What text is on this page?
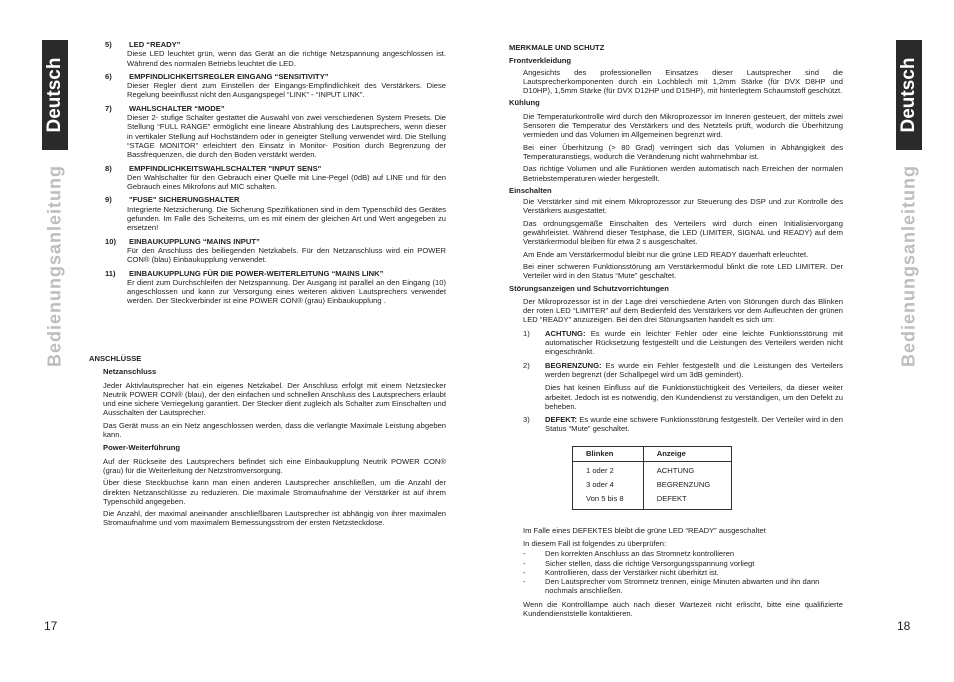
Deutsch
Bedienungsanleitung
5)	LED “READY”
Diese LED leuchtet grün, wenn das Gerät an die richtige Netzspannung angeschlossen ist. Während des normalen Betriebs leuchtet die LED.
6)	EMPFINDLICHKEITSREGLER EINGANG “SENSITIVITY”
Dieser Regler dient zum Einstellen der Eingangs-Empfindlichkeit des Verstärkers. Diese Regelung beeinflusst nicht den Ausgangspegel “LINK” - “INPUT LINK”.
7)	WAHLSCHALTER “MODE”
Dieser 2- stufige Schalter gestattet die Auswahl von zwei verschiedenen System Presets. Die Stellung “FULL RANGE” ermöglicht eine lineare Abstrahlung des Lautsprechers, wenn dieser in vertikaler Stellung auf Hochständern oder in geneigter Stellung verwendet wird. Die Stellung “STAGE MONITOR” erleichtert den Einsatz in Monitor- Position durch Begrenzung der Bassfrequenzen, die durch den Boden verstärkt werden.
8)	EMPFINDLICHKEITSWAHLSCHALTER "INPUT SENS"
Den Wahlschalter für den Gebrauch einer Quelle mit Line-Pegel (0dB) auf LINE und für den Gebrauch eines Mikrofons auf MIC schalten.
9)	"FUSE" SICHERUNGSHALTER
Integrierte Netzsicherung. Die Sicherung Spezifikationen sind in dem Typenschild des Gerätes gefunden. Im Falle des Scheiterns, um es mit einem der gleichen Art und Wert angegeben zu ersetzen!
10)	EINBAUKUPPLUNG “MAINS INPUT”
Für den Anschluss des beiliegenden Netzkabels. Für den Netzanschluss wird ein POWER CON® (blau) Einbaukupplung verwendet.
11)	EINBAUKUPPLUNG FÜR DIE POWER-WEITERLEITUNG “MAINS LINK”
Er dient zum Durchschleifen der Netzspannung. Der Ausgang ist parallel an den Eingang (10) angeschlossen und kann zur Versorgung eines weiteren aktiven Lautsprechers verwendet werden. Der Steckverbinder ist eine POWER CON® (grau) Einbaukupplung .
ANSCHLÜSSE
Netzanschluss
Jeder Aktivlautsprecher hat ein eigenes Netzkabel. Der Anschluss erfolgt mit einem Netzstecker Neutrik POWER CON® (blau), der den einfachen und schnellen Anschluss des Lautsprechers erlaubt und eine sichere Verriegelung garantiert. Der Stecker dient zugleich als Schalter zum Einschalten und Ausschalten der Lautsprecher.
Das Gerät muss an ein Netz angeschlossen werden, dass die verlangte Maximale Leistung abgeben kann.
Power-Weiterführung
Auf der Rückseite des Lautsprechers befindet sich eine Einbaukupplung Neutrik POWER CON® (grau) für die Weiterleitung der Netzstromversorgung.
Über diese Steckbuchse kann man einen anderen Lautsprecher anschließen, um die Anzahl der direkten Netzanschlüsse zu reduzieren. Die maximale Stromaufnahme der Verstärker ist auf ihrem Typenschild angegeben.
Die Anzahl, der maximal aneinander anschließbaren Lautsprecher ist abhängig von ihrer maximalen Stromaufnahme und vom maximalem Bemessungsstrom der ersten Netzsteckdose.
17
MERKMALE UND SCHUTZ
Frontverkleidung
Angesichts des professionellen Einsatzes dieser Lautsprecher sind die Lautsprecherkomponenten durch ein Lochblech mit 1,2mm Stärke (für DVX D8HP und D10HP), 1,5mm Stärke (für DVX D12HP und D15HP), mit hinterlegtem Schaumstoff geschützt.
Kühlung
Die Temperaturkontrolle wird durch den Mikroprozessor im Inneren gesteuert, der mittels zwei Sensoren die Temperatur des Verstärkers und des Netzteils prüft, wodurch die Überhitzung vermieden und das Volumen im Allgemeinen begrenzt wird.
Bei einer Überhitzung (> 80 Grad) verringert sich das Volumen in Abhängigkeit des Temperaturanstiegs, wodurch die Veränderung nicht wahrnehmbar ist.
Das richtige Volumen und alle Funktionen werden automatisch nach Erreichen der normalen Betriebstemperaturen wieder hergestellt.
Einschalten
Die Verstärker sind mit einem Mikroprozessor zur Steuerung des DSP und zur Kontrolle des Verstärkers ausgestattet.
Das ordnungsgemäße Einschalten des Verteilers wird durch einen Initialisiervorgang gewährleistet. Während dieser Testphase, die LED (LIMITER, SIGNAL und READY) auf dem Verstärkermodul bleiben für etwa 2 s ausgeschaltet.
Am Ende am Verstärkermodul bleibt nur die grüne LED READY dauerhaft erleuchtet.
Bei einer schweren Funktionsstörung am Verstärkermodul blinkt die rote LED LIMITER. Der Verteiler wird in den Status “Mute” geschaltet.
Störungsanzeigen und Schutzvorrichtungen
Der Mikroprozessor ist in der Lage drei verschiedene Arten von Störungen durch das Blinken der roten LED “LIMITER” auf dem Bedienfeld des Verstärkers vor dem Aufleuchten der grünen LED “READY” anzuzeigen. Bei den drei Störungsarten handelt es sich um:
1)	ACHTUNG: Es wurde ein leichter Fehler oder eine leichte Funktionsstörung mit automatischer Rücksetzung festgestellt und die Leistungen des Verteilers werden nicht eingeschränkt.
2)	BEGRENZUNG: Es wurde ein Fehler festgestellt und die Leistungen des Verteilers werden begrenzt (der Schallpegel wird um 3dB gemindert).
Dies hat keinen Einfluss auf die Funktionstüchtigkeit des Verteilers, da dieser weiter arbeitet. Jedoch ist es notwendig, den Kundendienst zu verständigen, um den Defekt zu beheben.
3)	DEFEKT: Es wurde eine schwere Funktionsstörung festgestellt. Der Verteiler wird in den Status “Mute” geschaltet.
Blinken	Anzeige
1 oder 2	ACHTUNG
3 oder 4	BEGRENZUNG
Von 5 bis 8	DEFEKT
Im Falle eines DEFEKTES bleibt die grüne LED “READY” ausgeschaltet
In diesem Fall ist folgendes zu überprüfen:
-	Den korrekten Anschluss an das Stromnetz kontrollieren
-	Sicher stellen, dass die richtige Versorgungsspannung vorliegt
-	Kontrollieren, dass der Verstärker nicht überhitzt ist.
-	Den Lautsprecher vom Stromnetz trennen, einige Minuten abwarten und ihn dann nochmals anschließen.
Wenn die Kontrolllampe auch nach dieser Wartezeit nicht erlischt, bitte eine qualifizierte Kundendienststelle kontaktieren.
Deutsch
Bedienungsanleitung
18
